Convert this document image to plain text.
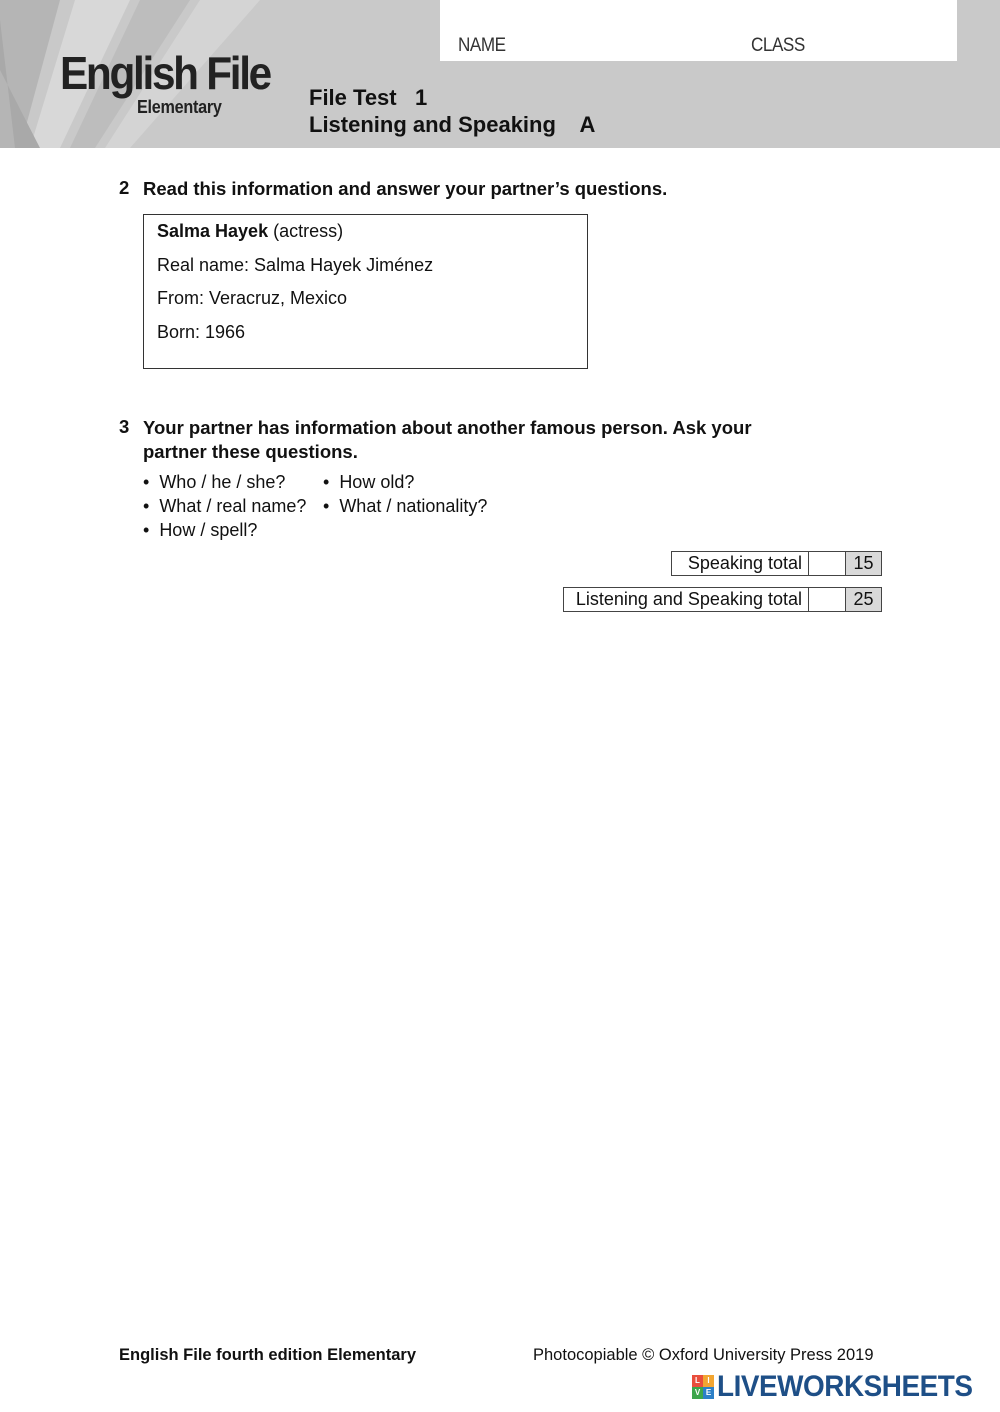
English File
Elementary
NAME	CLASS
File Test   1
Listening and Speaking    A
2 Read this information and answer your partner’s questions.
Salma Hayek (actress)
Real name: Salma Hayek Jiménez
From: Veracruz, Mexico
Born: 1966
3 Your partner has information about another famous person. Ask your
partner these questions.
•  Who / he / she? •  How old?
•  What / real name? •  What / nationality?
•  How / spell?
Speaking total	15
Listening and Speaking total	25
English File fourth edition Elementary	Photocopiable © Oxford University Press 2019
L I
V E LIVEWORKSHEETS
